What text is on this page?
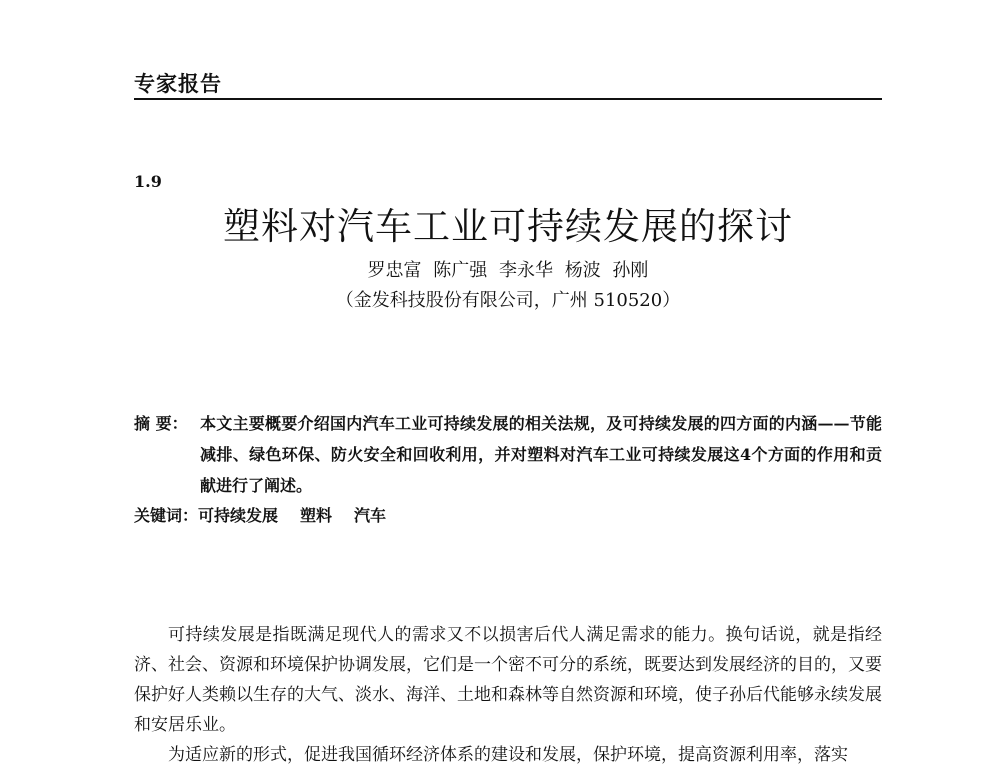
专家报告
1.9
塑料对汽车工业可持续发展的探讨
罗忠富 陈广强 李永华 杨波 孙刚
（金发科技股份有限公司，广州 510520）
摘 要： 本文主要概要介绍国内汽车工业可持续发展的相关法规，及可持续发展的四方面的内涵——节能减排、绿色环保、防火安全和回收利用，并对塑料对汽车工业可持续发展这4个方面的作用和贡献进行了阐述。
关键词：可持续发展 塑料 汽车

可持续发展是指既满足现代人的需求又不以损害后代人满足需求的能力。换句话说，就是指经济、社会、资源和环境保护协调发展，它们是一个密不可分的系统，既要达到发展经济的目的，又要保护好人类赖以生存的大气、淡水、海洋、土地和森林等自然资源和环境，使子孙后代能够永续发展和安居乐业。

为适应新的形式，促进我国循环经济体系的建设和发展，保护环境，提高资源利用率，落实
